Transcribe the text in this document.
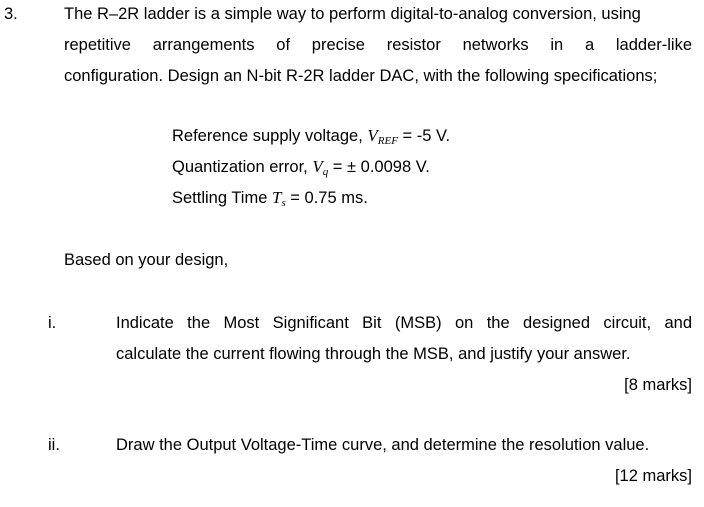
3.	The R–2R ladder is a simple way to perform digital-to-analog conversion, using
repetitive arrangements of precise resistor networks in a ladder-like
configuration. Design an N-bit R-2R ladder DAC, with the following specifications;
Reference supply voltage, $V_{REF} = -5$ V.
Quantization error, $V_q$ = ± 0.0098 V.
Settling Time $T_s = 0.75$ ms.
Based on your design,
i.	Indicate the Most Significant Bit (MSB) on the designed circuit, and
calculate the current flowing through the MSB, and justify your answer.
[8 marks]
ii.	Draw the Output Voltage-Time curve, and determine the resolution value.
[12 marks]
